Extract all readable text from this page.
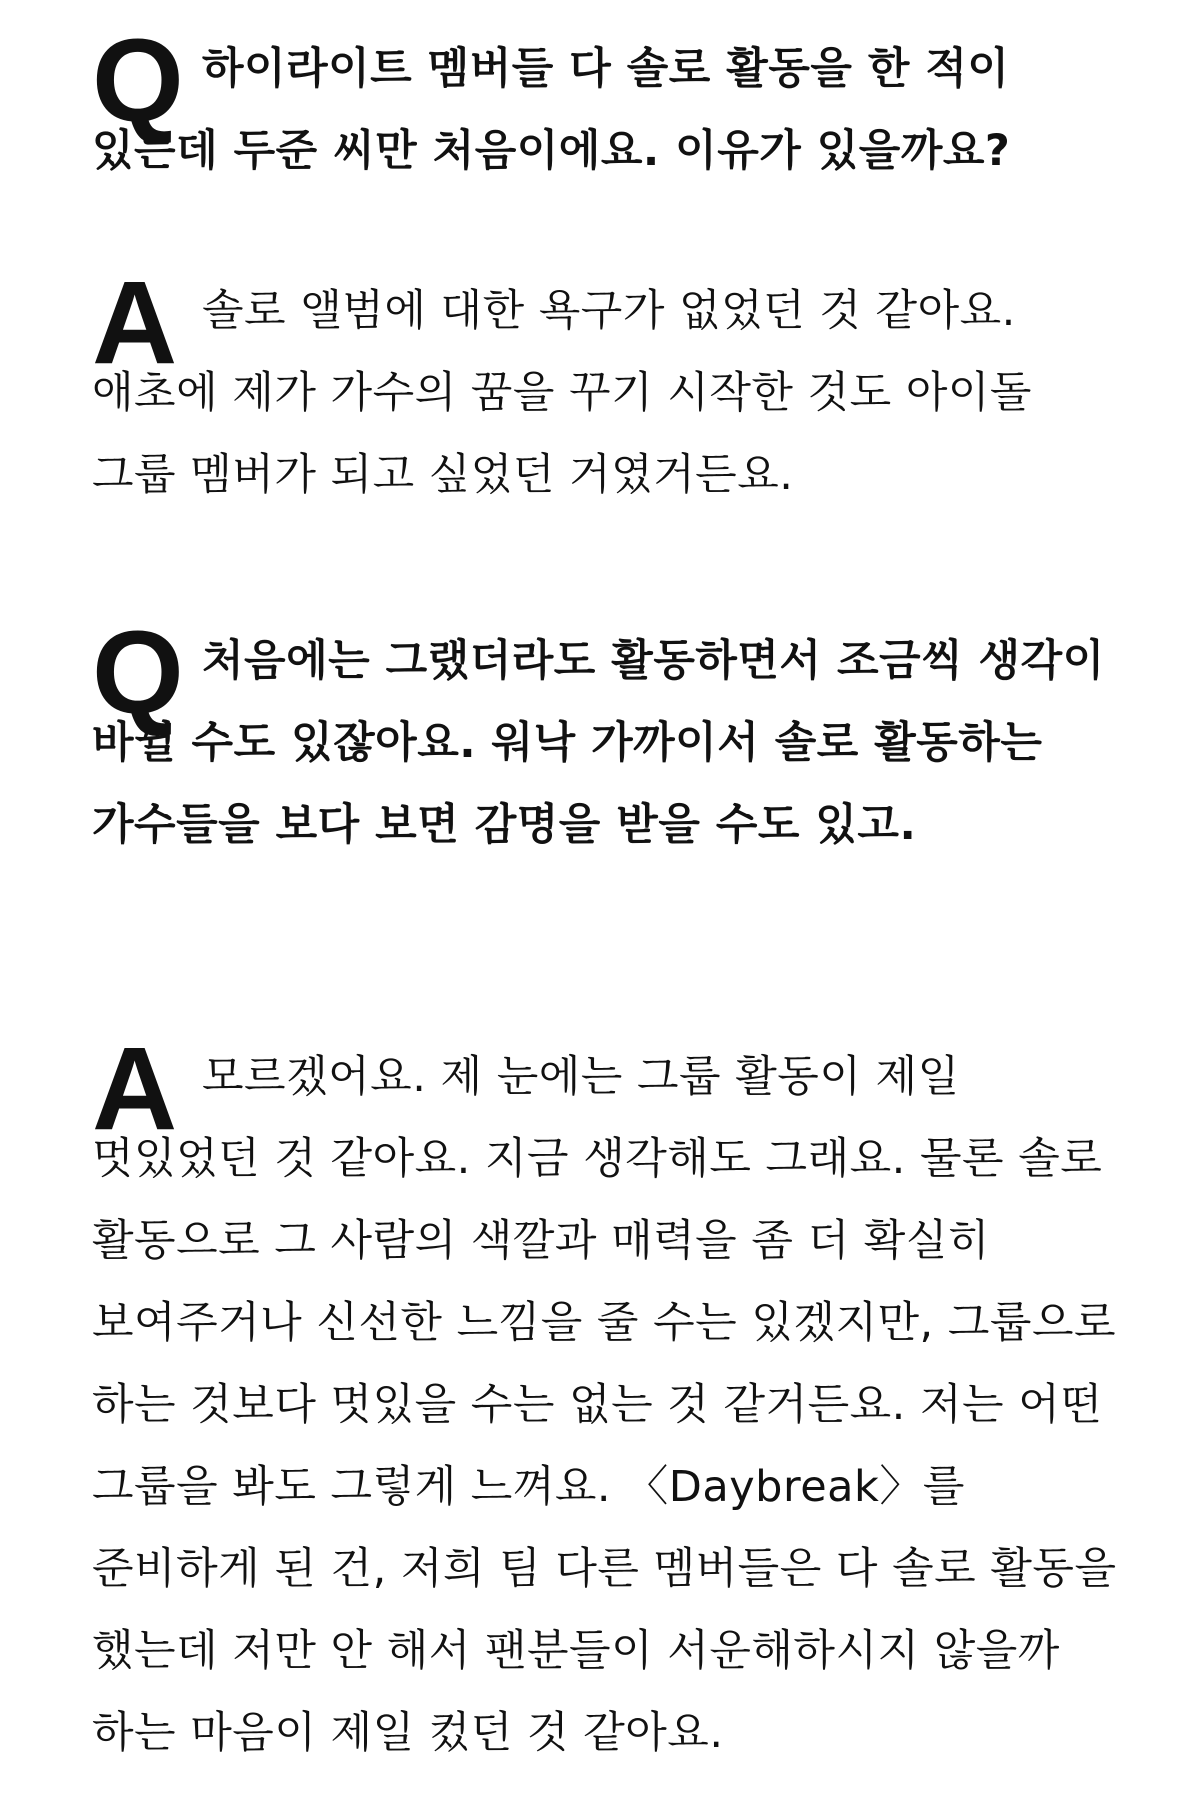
Q 하이라이트 멤버들 다 솔로 활동을 한 적이 있는데 두준 씨만 처음이에요. 이유가 있을까요?
A 솔로 앨범에 대한 욕구가 없었던 것 같아요. 애초에 제가 가수의 꿈을 꾸기 시작한 것도 아이돌 그룹 멤버가 되고 싶었던 거였거든요.
Q 처음에는 그랬더라도 활동하면서 조금씩 생각이 바뀔 수도 있잖아요. 워낙 가까이서 솔로 활동하는 가수들을 보다 보면 감명을 받을 수도 있고.
A 모르겠어요. 제 눈에는 그룹 활동이 제일 멋있었던 것 같아요. 지금 생각해도 그래요. 물론 솔로 활동으로 그 사람의 색깔과 매력을 좀 더 확실히 보여주거나 신선한 느낌을 줄 수는 있겠지만, 그룹으로 하는 것보다 멋있을 수는 없는 것 같거든요. 저는 어떤 그룹을 봐도 그렇게 느껴요. 〈Daybreak〉를 준비하게 된 건, 저희 팀 다른 멤버들은 다 솔로 활동을 했는데 저만 안 해서 팬분들이 서운해하시지 않을까 하는 마음이 제일 컸던 것 같아요.
